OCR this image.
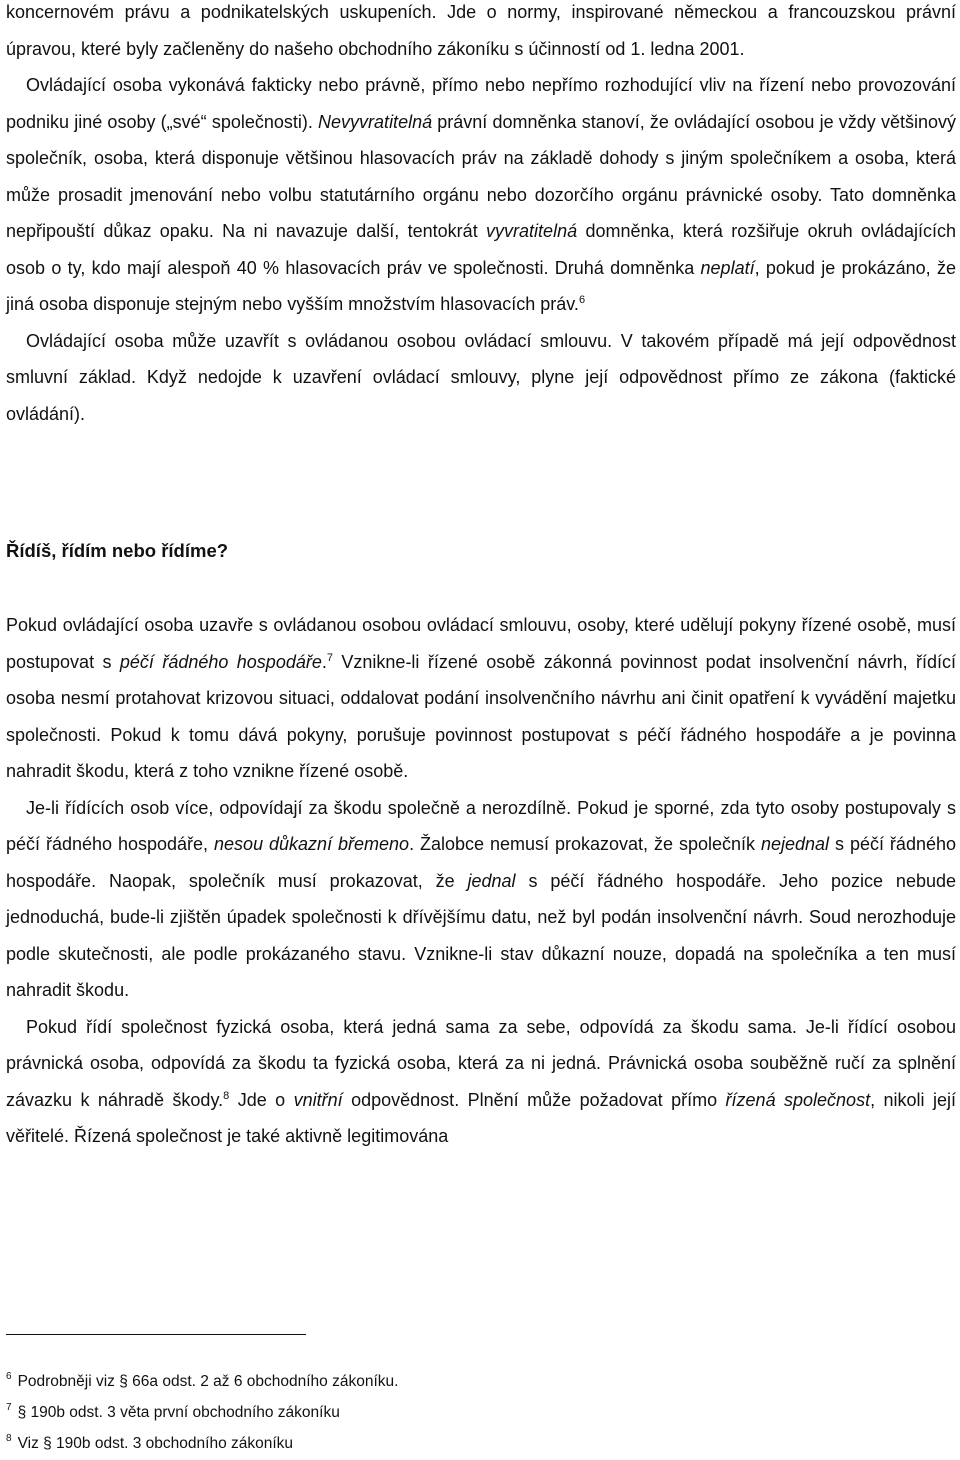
koncernovém právu a podnikatelských uskupeních. Jde o normy, inspirované německou a francouzskou právní úpravou, které byly začleněny do našeho obchodního zákoníku s účinností od 1. ledna 2001.

Ovládající osoba vykonává fakticky nebo právně, přímo nebo nepřímo rozhodující vliv na řízení nebo provozování podniku jiné osoby („své“ společnosti). Nevyvratitelná právní domněnka stanoví, že ovládající osobou je vždy většinový společník, osoba, která disponuje většinou hlasovacích práv na základě dohody s jiným společníkem a osoba, která může prosadit jmenování nebo volbu statutárního orgánu nebo dozorčího orgánu právnické osoby. Tato domněnka nepřipouští důkaz opaku. Na ni navazuje další, tentokrát vyvratitelná domněnka, která rozšiřuje okruh ovládajících osob o ty, kdo mají alespoň 40 % hlasovacích práv ve společnosti. Druhá domněnka neplatí, pokud je prokázáno, že jiná osoba disponuje stejným nebo vyšším množstvím hlasovacích práv.$^6$

Ovládající osoba může uzavřít s ovládanou osobou ovládací smlouvu. V takovém případě má její odpovědnost smluvní základ. Když nedojde k uzavření ovládací smlouvy, plyne její odpovědnost přímo ze zákona (faktické ovládání).

Řídíš, řídím nebo řídíme?

Pokud ovládající osoba uzavře s ovládanou osobou ovládací smlouvu, osoby, které udělují pokyny řízené osobě, musí postupovat s péčí řádného hospodáře.$^7$ Vznikne-li řízené osobě zákonná povinnost podat insolvenční návrh, řídící osoba nesmí protahovat krizovou situaci, oddalovat podání insolvenčního návrhu ani činit opatření k vyvádění majetku společnosti. Pokud k tomu dává pokyny, porušuje povinnost postupovat s péčí řádného hospodáře a je povinna nahradit škodu, která z toho vznikne řízené osobě.

Je-li řídících osob více, odpovídají za škodu společně a nerozdílně. Pokud je sporné, zda tyto osoby postupovaly s péčí řádného hospodáře, nesou důkazní břemeno. Žalobce nemusí prokazovat, že společník nejednal s péčí řádného hospodáře. Naopak, společník musí prokazovat, že jednal s péčí řádného hospodáře. Jeho pozice nebude jednoduchá, bude-li zjištěn úpadek společnosti k dřívějšímu datu, než byl podán insolvenční návrh. Soud nerozhoduje podle skutečnosti, ale podle prokázaného stavu. Vznikne-li stav důkazní nouze, dopadá na společníka a ten musí nahradit škodu.

Pokud řídí společnost fyzická osoba, která jedná sama za sebe, odpovídá za škodu sama. Je-li řídící osobou právnická osoba, odpovídá za škodu ta fyzická osoba, která za ni jedná. Právnická osoba souběžně ručí za splnění závazku k náhradě škody.$^8$ Jde o vnitřní odpovědnost. Plnění může požadovat přímo řízená společnost, nikoli její věřitelé. Řízená společnost je také aktivně legitimována

$^6$ Podrobněji viz § 66a odst. 2 až 6 obchodního zákoníku.

$^7$ § 190b odst. 3 věta první obchodního zákoníku

$^8$ Viz § 190b odst. 3 obchodního zákoníku
